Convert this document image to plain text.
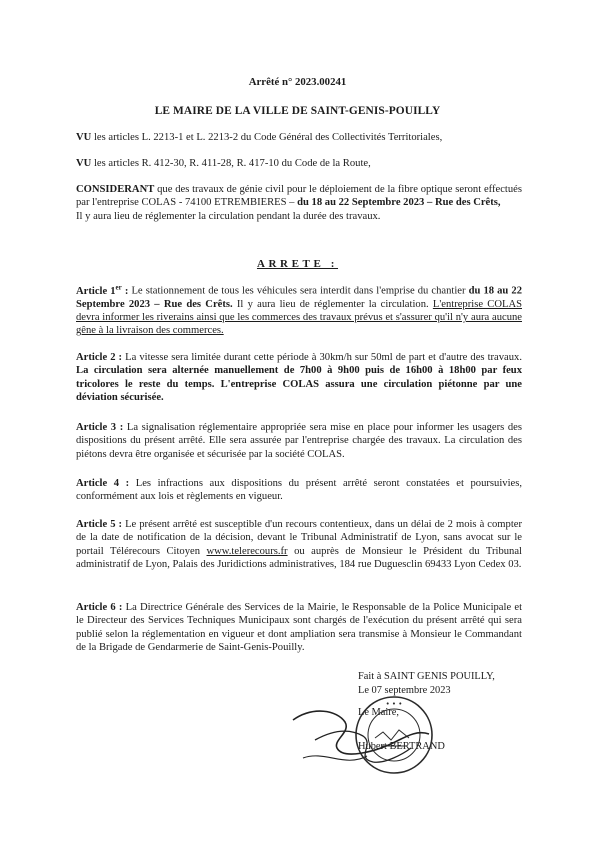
Arrêté n° 2023.00241
LE MAIRE DE LA VILLE DE SAINT-GENIS-POUILLY
VU les articles L. 2213-1 et L. 2213-2 du Code Général des Collectivités Territoriales,
VU les articles R. 412-30, R. 411-28, R. 417-10 du Code de la Route,
CONSIDERANT que des travaux de génie civil pour le déploiement de la fibre optique seront effectués par l'entreprise COLAS - 74100 ETREMBIERES – du 18 au 22 Septembre 2023 – Rue des Crêts,
Il y aura lieu de réglementer la circulation pendant la durée des travaux.
ARRETE :
Article 1er : Le stationnement de tous les véhicules sera interdit dans l'emprise du chantier du 18 au 22 Septembre 2023 – Rue des Crêts. Il y aura lieu de réglementer la circulation. L'entreprise COLAS devra informer les riverains ainsi que les commerces des travaux prévus et s'assurer qu'il n'y aura aucune gêne à la livraison des commerces.
Article 2 : La vitesse sera limitée durant cette période à 30km/h sur 50ml de part et d'autre des travaux. La circulation sera alternée manuellement de 7h00 à 9h00 puis de 16h00 à 18h00 par feux tricolores le reste du temps. L'entreprise COLAS assura une circulation piétonne par une déviation sécurisée.
Article 3 : La signalisation réglementaire appropriée sera mise en place pour informer les usagers des dispositions du présent arrêté. Elle sera assurée par l'entreprise chargée des travaux. La circulation des piétons devra être organisée et sécurisée par la société COLAS.
Article 4 : Les infractions aux dispositions du présent arrêté seront constatées et poursuivies, conformément aux lois et règlements en vigueur.
Article 5 : Le présent arrêté est susceptible d'un recours contentieux, dans un délai de 2 mois à compter de la date de notification de la décision, devant le Tribunal Administratif de Lyon, sans avocat sur le portail Télérecours Citoyen www.telerecours.fr ou auprès de Monsieur le Président du Tribunal administratif de Lyon, Palais des Juridictions administratives, 184 rue Duguesclin 69433 Lyon Cedex 03.
Article 6 : La Directrice Générale des Services de la Mairie, le Responsable de la Police Municipale et le Directeur des Services Techniques Municipaux sont chargés de l'exécution du présent arrêté qui sera publié selon la réglementation en vigueur et dont ampliation sera transmise à Monsieur le Commandant de la Brigade de Gendarmerie de Saint-Genis-Pouilly.
Fait à SAINT GENIS POUILLY,
Le 07 septembre 2023
Le Maire,
Hubert BERTRAND
• • •
